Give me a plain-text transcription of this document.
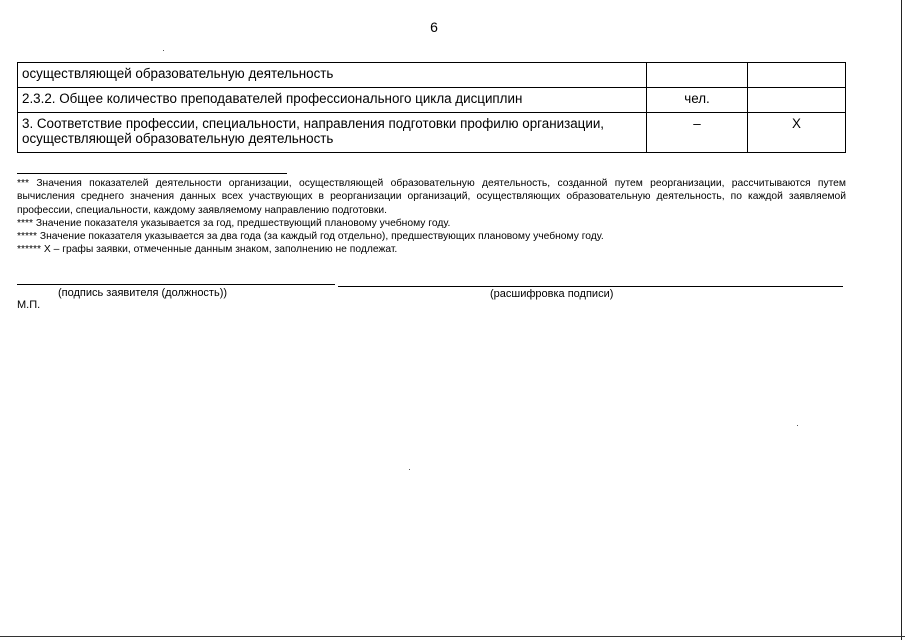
6
осуществляющей образовательную деятельность		
2.3.2. Общее количество преподавателей профессионального цикла дисциплин	чел.	
3. Соответствие профессии, специальности, направления подготовки профилю организации, осуществляющей образовательную деятельность	–	Х

*** Значения показателей деятельности организации, осуществляющей образовательную деятельность, созданной путем реорганизации, рассчитываются путем вычисления среднего значения данных всех участвующих в реорганизации организаций, осуществляющих образовательную деятельность, по каждой заявляемой профессии, специальности, каждому заявляемому направлению подготовки.

**** Значение показателя указывается за год, предшествующий плановому учебному году.

***** Значение показателя указывается за два года (за каждый год отдельно), предшествующих плановому учебному году.

****** Х – графы заявки, отмеченные данным знаком, заполнению не подлежат.

(подпись заявителя (должность))	(расшифровка подписи)
М.П.
